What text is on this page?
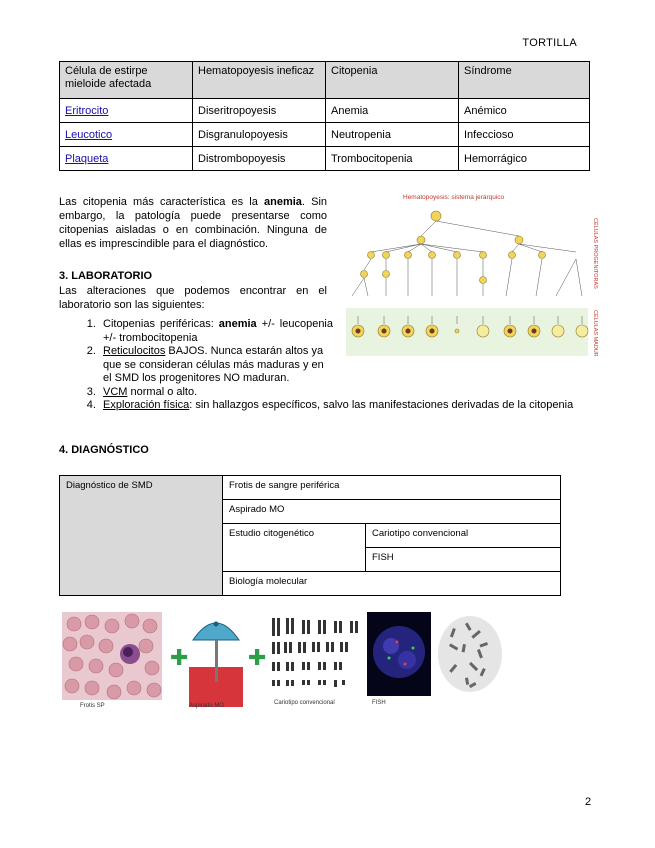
TORTILLA
Célula de estirpe mieloide afectada	Hematopoyesis ineficaz	Citopenia	Síndrome
Eritrocito	Diseritropoyesis	Anemia	Anémico
Leucotico	Disgranulopoyesis	Neutropenia	Infeccioso
Plaqueta	Distrombopoyesis	Trombocitopenia	Hemorrágico
Las citopenia más característica es la anemia. Sin embargo, la patología puede presentarse como citopenias aisladas o en combinación. Ninguna de ellas es imprescindible para el diagnóstico.
Hematopoyesis: sistema jerárquico
CÉLULAS PROGENITORAS
CÉLULAS MADURAS
3. LABORATORIO
Las alteraciones que podemos encontrar en el laboratorio son las siguientes:
1. Citopenias periféricas: anemia +/- leucopenia +/- trombocitopenia
2. Reticulocitos BAJOS. Nunca estarán altos ya que se consideran células más maduras y en el SMD los progenitores NO maduran.
3. VCM normal o alto.
4. Exploración física: sin hallazgos específicos, salvo las manifestaciones derivadas de la citopenia
4. DIAGNÓSTICO
Diagnóstico de SMD	Frotis de sangre periférica	
	Aspirado MO	
	Estudio citogenético	Cariotipo convencional
		FISH
	Biología molecular	
Frotis SP
✚
Aspirado MO
✚
Cariotipo convencional	FISH
2
